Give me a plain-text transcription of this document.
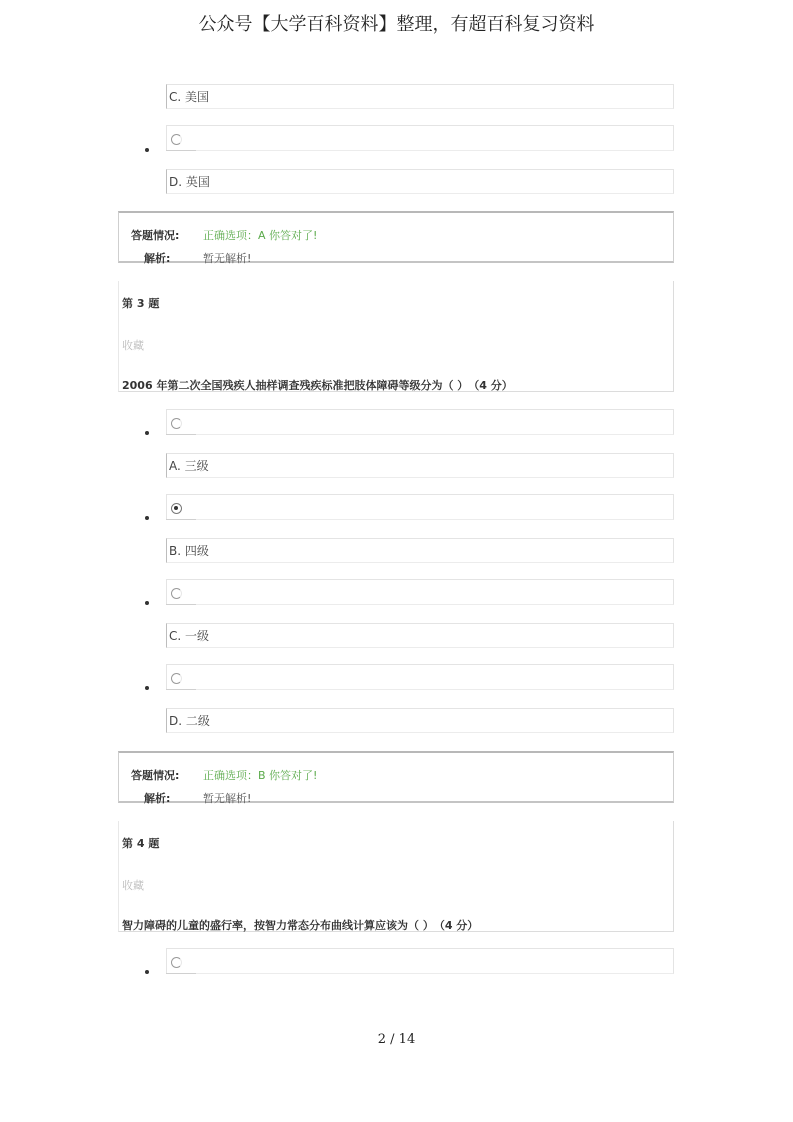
公众号【大学百科资料】整理，有超百科复习资料
C. 美国
D. 英国
答题情况: 正确选项：A 你答对了!
解析:	暂无解析!
第 3 题
收藏
2006 年第二次全国残疾人抽样调查残疾标准把肢体障碍等级分为（ ）　（4 分）
A. 三级
B. 四级
C. 一级
D. 二级
答题情况: 正确选项：B 你答对了!
解析:	暂无解析!
第 4 题
收藏
智力障碍的儿童的盛行率，按智力常态分布曲线计算应该为（ ）　（4 分）
2 / 14
